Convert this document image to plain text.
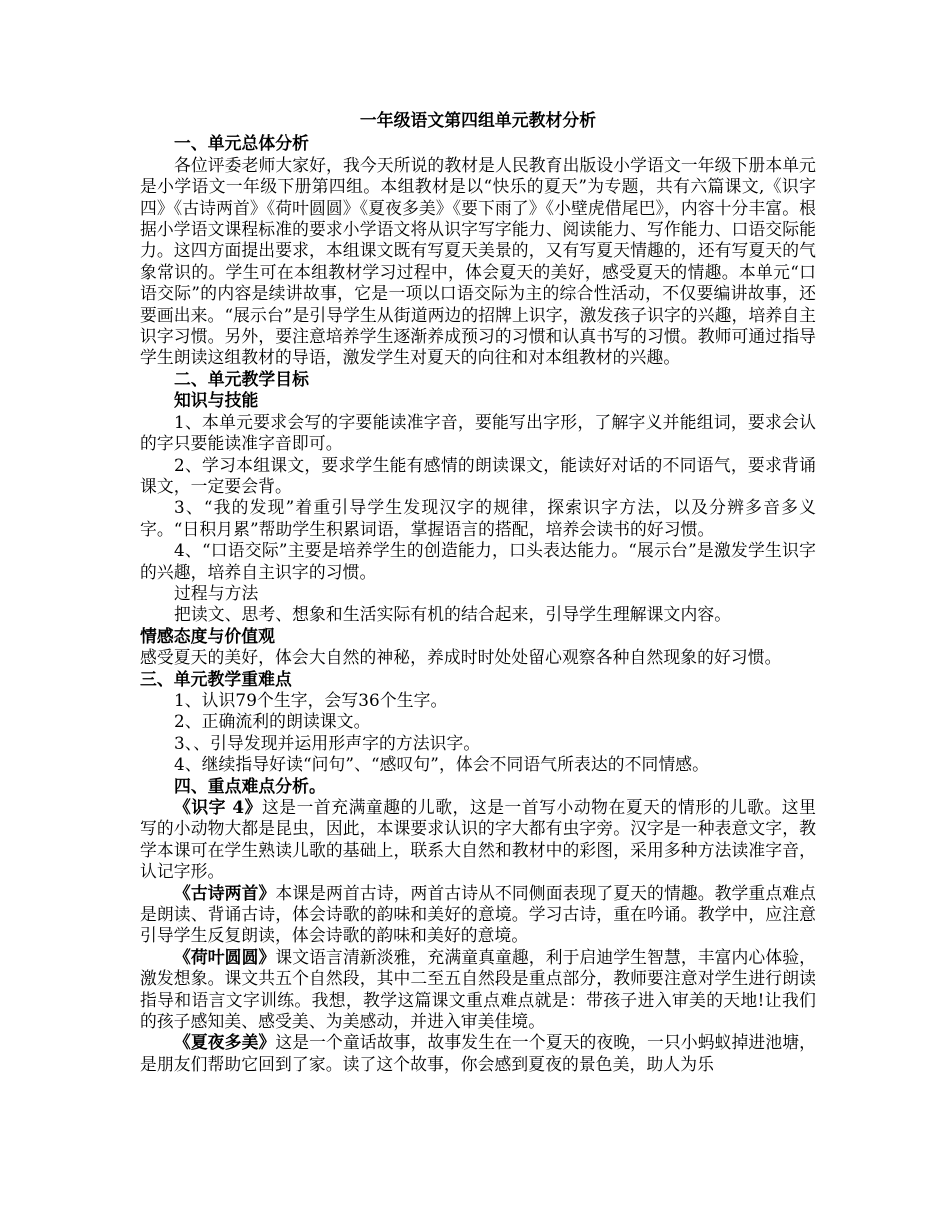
一年级语文第四组单元教材分析

一、单元总体分析

各位评委老师大家好，我今天所说的教材是人民教育出版设小学语文一年级下册本单元是小学语文一年级下册第四组。本组教材是以“快乐的夏天”为专题，共有六篇课文,《识字四》《古诗两首》《荷叶圆圆》《夏夜多美》《要下雨了》《小壁虎借尾巴》，内容十分丰富。根据小学语文课程标准的要求小学语文将从识字写字能力、阅读能力、写作能力、口语交际能力。这四方面提出要求，本组课文既有写夏天美景的，又有写夏天情趣的，还有写夏天的气象常识的。学生可在本组教材学习过程中，体会夏天的美好，感受夏天的情趣。本单元“口语交际”的内容是续讲故事，它是一项以口语交际为主的综合性活动，不仅要编讲故事，还要画出来。“展示台”是引导学生从街道两边的招牌上识字，激发孩子识字的兴趣，培养自主识字习惯。另外，要注意培养学生逐渐养成预习的习惯和认真书写的习惯。教师可通过指导学生朗读这组教材的导语，激发学生对夏天的向往和对本组教材的兴趣。

二、单元教学目标

知识与技能

1、本单元要求会写的字要能读准字音，要能写出字形，了解字义并能组词，要求会认的字只要能读准字音即可。

2、学习本组课文，要求学生能有感情的朗读课文，能读好对话的不同语气，要求背诵课文，一定要会背。

3、“我的发现”着重引导学生发现汉字的规律，探索识字方法，以及分辨多音多义字。“日积月累”帮助学生积累词语，掌握语言的搭配，培养会读书的好习惯。

4、“口语交际”主要是培养学生的创造能力，口头表达能力。“展示台”是激发学生识字的兴趣，培养自主识字的习惯。

过程与方法

把读文、思考、想象和生活实际有机的结合起来，引导学生理解课文内容。

情感态度与价值观

感受夏天的美好，体会大自然的神秘，养成时时处处留心观察各种自然现象的好习惯。

三、单元教学重难点

1、认识79个生字，会写36个生字。

2、正确流利的朗读课文。

3、、引导发现并运用形声字的方法识字。

4、继续指导好读“问句”、“感叹句”，体会不同语气所表达的不同情感。

四、重点难点分析。

《识字 4》这是一首充满童趣的儿歌，这是一首写小动物在夏天的情形的儿歌。这里写的小动物大都是昆虫，因此，本课要求认识的字大都有虫字旁。汉字是一种表意文字，教学本课可在学生熟读儿歌的基础上，联系大自然和教材中的彩图，采用多种方法读准字音，认记字形。

《古诗两首》本课是两首古诗，两首古诗从不同侧面表现了夏天的情趣。教学重点难点是朗读、背诵古诗，体会诗歌的韵味和美好的意境。学习古诗，重在吟诵。教学中，应注意引导学生反复朗读，体会诗歌的韵味和美好的意境。

《荷叶圆圆》课文语言清新淡雅，充满童真童趣，利于启迪学生智慧，丰富内心体验，激发想象。课文共五个自然段，其中二至五自然段是重点部分，教师要注意对学生进行朗读指导和语言文字训练。我想，教学这篇课文重点难点就是：带孩子进入审美的天地!让我们的孩子感知美、感受美、为美感动，并进入审美佳境。

《夏夜多美》这是一个童话故事，故事发生在一个夏天的夜晚，一只小蚂蚁掉进池塘，是朋友们帮助它回到了家。读了这个故事，你会感到夏夜的景色美，助人为乐
